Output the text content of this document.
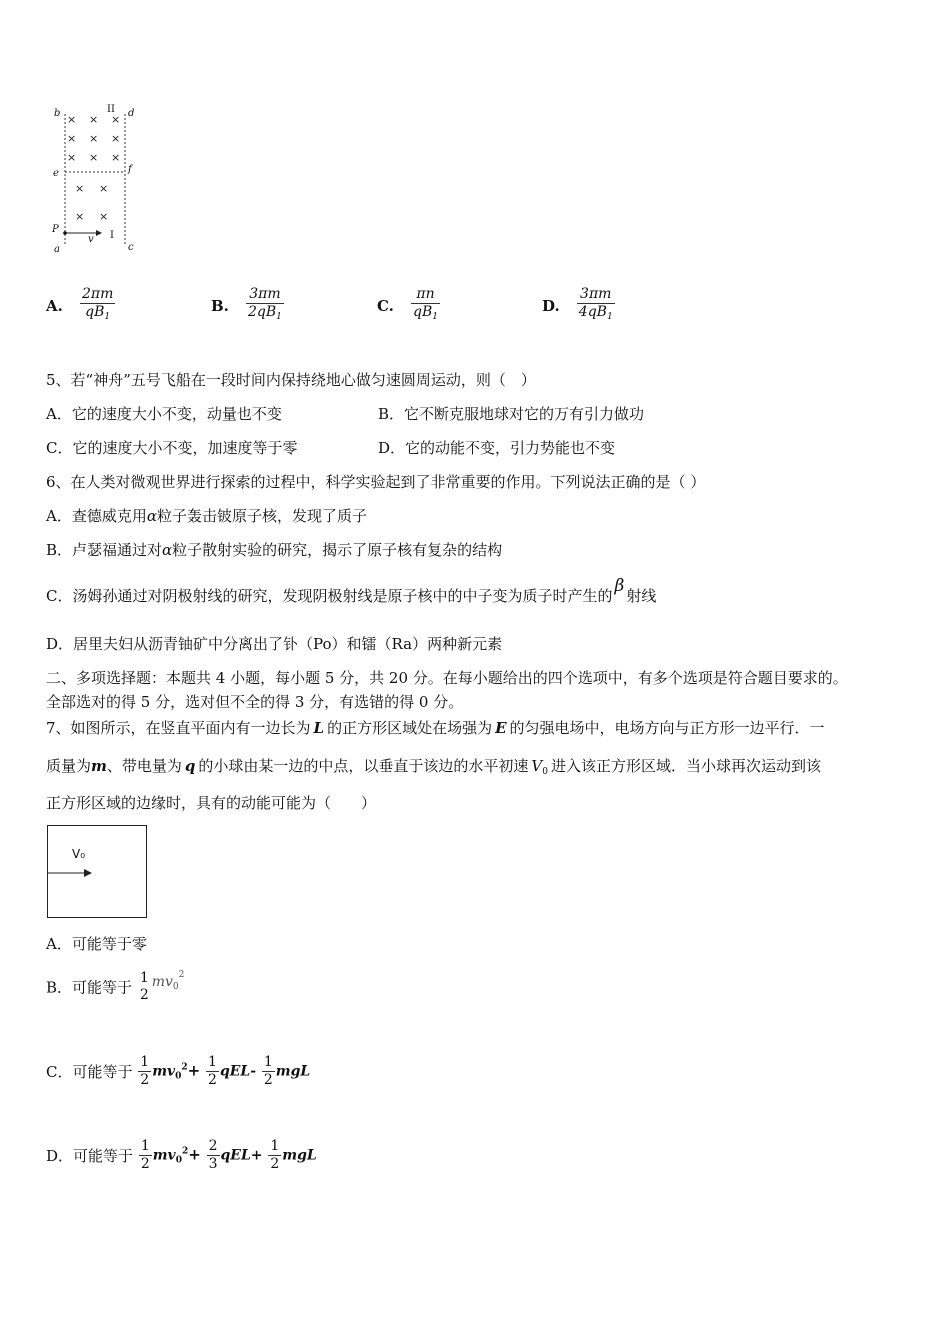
b	II d
e	f
P
v I
a	c
× × ×
× × ×
× × ×
× ×
× ×
A. $\frac{2\pi m}{qB_1}$	B. $\frac{3\pi m}{2qB_1}$	C. $\frac{\pi n}{qB_1}$	D. $\frac{3\pi m}{4qB_1}$
5、若“神舟”五号飞船在一段时间内保持绕地心做匀速圆周运动，则（　）
A．它的速度大小不变，动量也不变	B．它不断克服地球对它的万有引力做功
C．它的速度大小不变，加速度等于零	D．它的动能不变，引力势能也不变
6、在人类对微观世界进行探索的过程中，科学实验起到了非常重要的作用。下列说法正确的是（ ）
A．查德威克用α粒子轰击铍原子核，发现了质子
B．卢瑟福通过对α粒子散射实验的研究，揭示了原子核有复杂的结构
C．汤姆孙通过对阴极射线的研究，发现阴极射线是原子核中的中子变为质子时产生的 β 射线
D．居里夫妇从沥青铀矿中分离出了钋（Po）和镭（Ra）两种新元素
二、多项选择题：本题共 4 小题，每小题 5 分，共 20 分。在每小题给出的四个选项中，有多个选项是符合题目要求的。
全部选对的得 5 分，选对但不全的得 3 分，有选错的得 0 分。
7、如图所示，在竖直平面内有一边长为 L 的正方形区域处在场强为 E 的匀强电场中，电场方向与正方形一边平行．一
质量为m、带电量为 q 的小球由某一边的中点，以垂直于该边的水平初速 $V_0$ 进入该正方形区域．当小球再次运动到该
正方形区域的边缘时，具有的动能可能为（　　）
V₀
A．可能等于零
B．可能等于
1
2
$mv^{02}$
C．可能等于 $\frac{1}{2} mv_0^2+ \frac{1}{2} qEL- \frac{1}{2}$ mgL
D．可能等于 $\frac{1}{2} mv_0^2+ \frac{2}{3} qEL+ \frac{1}{2}$ mgL
